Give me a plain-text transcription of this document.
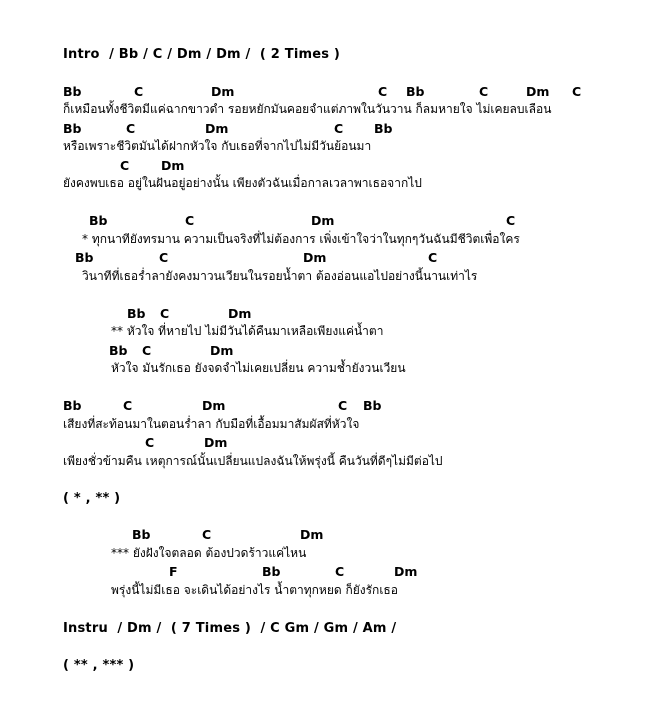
Intro  / Bb / C / Dm / Dm /  ( 2 Times )
Bb	C	Dm	C Bb	C	Dm C
ก็เหมือนทั้งชีวิตมีแค่ฉากขาวดำ รอยหยักมันคอยจำแต่ภาพในวันวาน ก็ลมหายใจ ไม่เคยลบเลือน
Bb	C	Dm	C Bb
หรือเพราะชีวิตมันได้ฝากหัวใจ กับเธอที่จากไปไม่มีวันย้อนมา
C	Dm
ยังคงพบเธอ อยู่ในฝันอยู่อย่างนั้น เพียงตัวฉันเมื่อกาลเวลาพาเธอจากไป
Bb	C	Dm	C
* ทุกนาทียังทรมาน ความเป็นจริงที่ไม่ต้องการ เพิ่งเข้าใจว่าในทุกๆวันฉันมีชีวิตเพื่อใคร
Bb	C	Dm	C
วินาทีที่เธอร่ำลายังคงมาวนเวียนในรอยน้ำตา ต้องอ่อนแอไปอย่างนี้นานเท่าไร
Bb C	Dm
** หัวใจ ที่หายไป ไม่มีวันได้คืนมาเหลือเพียงแค่น้ำตา
Bb C	Dm
หัวใจ มันรักเธอ ยังจดจำไม่เคยเปลี่ยน ความช้ำยังวนเวียน
Bb	C	Dm	C Bb
เสียงที่สะท้อนมาในตอนร่ำลา กับมือที่เอื้อมมาสัมผัสที่หัวใจ
C	Dm
เพียงชั่วข้ามคืน เหตุการณ์นั้นเปลี่ยนแปลงฉันให้พรุ่งนี้ คืนวันที่ดีๆไม่มีต่อไป
( * , ** )
Bb	C	Dm
*** ยังฝังใจตลอด ต้องปวดร้าวแค่ไหน
F	Bb	C	Dm
พรุ่งนี้ไม่มีเธอ จะเดินได้อย่างไร น้ำตาทุกหยด ก็ยังรักเธอ
Instru  / Dm /  ( 7 Times )  / C Gm / Gm / Am /
( ** , *** )
